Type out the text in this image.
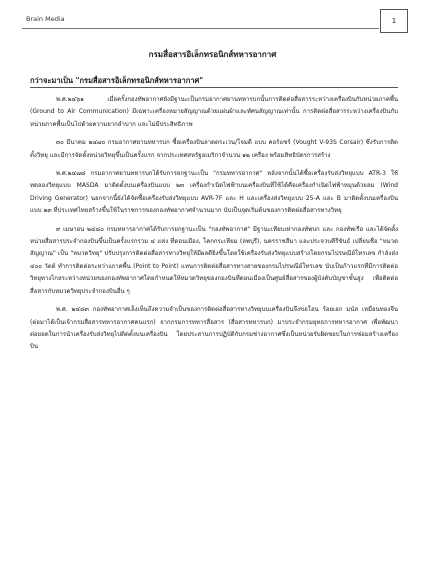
Brain Media	1
กรมสื่อสารอิเล็กทรอนิกส์ทหารอากาศ
กว่าจะมาเป็น "กรมสื่อสารอิเล็กทรอนิกส์ทหารอากาศ"

พ.ศ.๒๔๖๑ เมื่อครั้งกองทัพอากาศยังมีฐานะเป็นกรมอากาศยานทหารบกนั้นการติดต่อสื่อสารระหว่างเครื่องบินกับหน่วยภาคพื้น (Ground to Air Communication) มีเฉพาะเครื่องหมายสัญญาณด้วยแผ่นผ้าและทัศนสัญญาณเท่านั้น การติดต่อสื่อสารระหว่างเครื่องบินกับหน่วยภาคพื้นเป็นไปด้วยความยากลำบาก และไม่มีประสิทธิภาพ

๓๐ มีนาคม ๒๔๗๐ กรมอากาศยานทหารบก ซื้อเครื่องบินลาดตระเวน/โจมตี แบบ คอร์แซร์ (Vought V-93S Corsair) ซึ่งรับการติดตั้งวิทยุ และมีการจัดตั้งหน่วยวิทยุขึ้นเป็นครั้งแรก จากประเทศสหรัฐอเมริกาจำนวน ๑๒ เครื่อง พร้อมสิทธิบัตรการสร้าง

พ.ศ.๒๔๗๘ กรมอากาศยานทหารบกได้รับการยกฐานะเป็น "กรมทหารอากาศ" หลังจากนั้นได้ซื้อเครื่องรับส่งวิทยุแบบ ATR-3 ใช้ทดลองวิทยุแบบ MASDA มาติดตั้งบนเครื่องบินแบบ ๒๓ เครื่องกำเนิดไฟฟ้าบนเครื่องบินที่ใช้ได้คือเครื่องกำเนิดไฟฟ้าหมุนด้วยลม (Wind Driving Generator) นอกจากนี้ยังได้จัดซื้อเครื่องรับส่งวิทยุแบบ AVR-7F และ H และเครื่องส่งวิทยุแบบ 25-A และ B มาติดตั้งบนเครื่องบินแบบ ๒๓ ที่ประเทศไทยสร้างขึ้นใช้ในราชการของกองทัพอากาศจำนวนมาก นับเป็นจุดเริ่มต้นของการติดต่อสื่อสารทางวิทยุ

๙ เมษายน ๒๔๘๐ กรมทหารอากาศได้รับการยกฐานะเป็น "กองทัพอากาศ" มีฐานะเทียบเท่ากองทัพบก และ กองทัพเรือ และได้จัดตั้งหน่วยสื่อสารประจำกองบินขึ้นเป็นครั้งแรกรวม ๔ แห่ง ที่ดอนเมือง, โคกกระเทียม (ลพบุรี), นครราชสีมา และประจวบคีรีขันธ์ เปลี่ยนชื่อ "หมวดสัญญาณ" เป็น "หมวดวิทยุ" ปรับปรุงการติดต่อสื่อสารทางวิทยุให้มีผลดียิ่งขึ้นโดยใช้เครื่องรับส่งวิทยุแบบสร้างโดยกรมไปรษณีย์โทรเลข กำลังส่ง ๔๐๐ วัตต์ ทำการติดต่อระหว่างภาคพื้น (Point to Point) แทนการติดต่อสื่อสารทางสายของกรมไปรษณีย์โทรเลข นับเป็นก้าวแรกที่มีการติดต่อวิทยุทางไกลระหว่างหน่วยของกองทัพอากาศโดยกำหนดให้หมวดวิทยุของกองบินที่ดอนเมืองเป็นศูนย์สื่อสารของผู้บังคับบัญชาชั้นสูง เพื่อติดต่อสื่อสารกับหมวดวิทยุประจำกองบินอื่น ๆ

พ.ศ. ๒๔๘๓ กองทัพอากาศเล็งเห็นถึงความจำเป็นของการติดต่อสื่อสารทางวิทยุบนเครื่องบินจึงขอโอน ร้อยเอก มนัส เหมือนทองจีน (ต่อมาได้เป็นเจ้ากรมสื่อสารทหารอากาศคนแรก) จากกรมการทหารสื่อสาร (สื่อสารทหารบก) มาประจำกรมยุทธการทหารอากาศ เพื่อพัฒนาต่อยอดในการนำเครื่องรับส่งวิทยุไปติดตั้งบนเครื่องบิน โดยประสานการปฏิบัติกับกรมช่างอากาศซึ่งเป็นหน่วยรับผิดชอบในการซ่อมสร้างเครื่องบิน
